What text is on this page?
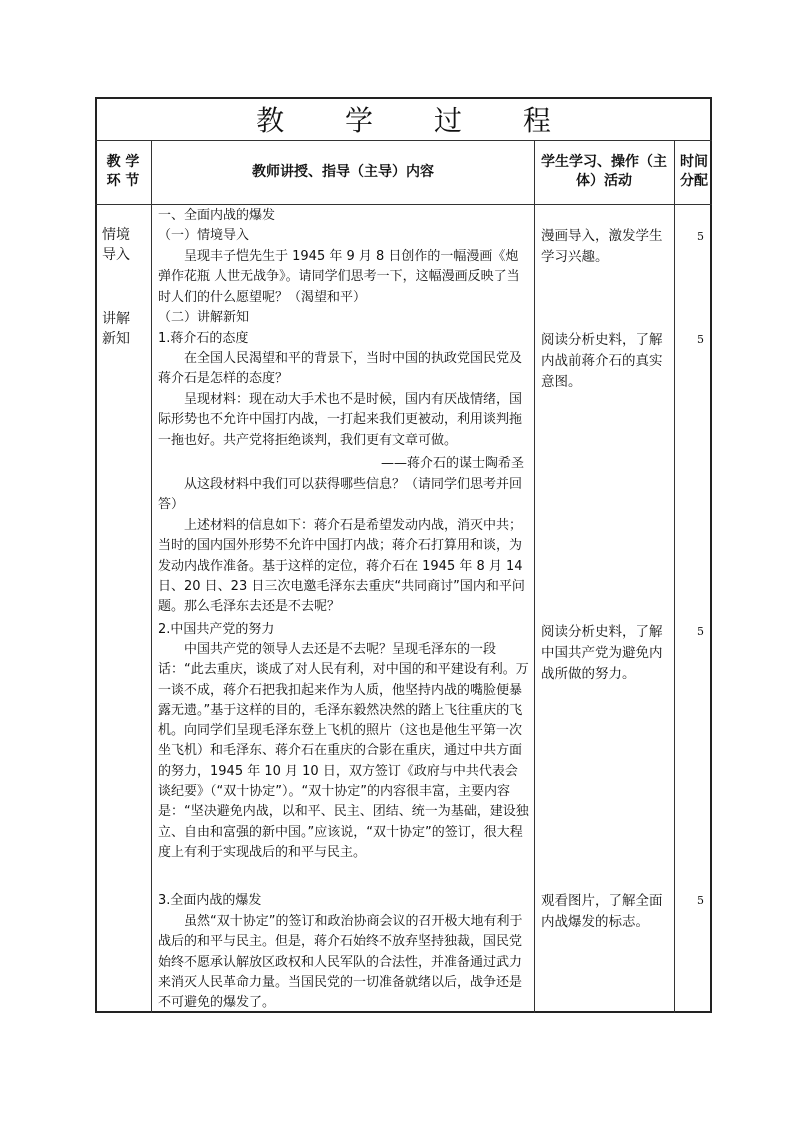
教 学 过 程
教 学 环 节
教师讲授、指导（主导）内容
学生学习、操作（主体）活动
时间分配
情境导入
讲解新知
一、全面内战的爆发
（一）情境导入
呈现丰子恺先生于 1945 年 9 月 8 日创作的一幅漫画《炮弹作花瓶 人世无战争》。请同学们思考一下，这幅漫画反映了当时人们的什么愿望呢？（渴望和平）
（二）讲解新知
1.蒋介石的态度
在全国人民渴望和平的背景下，当时中国的执政党国民党及蒋介石是怎样的态度？
呈现材料：现在动大手术也不是时候，国内有厌战情绪，国际形势也不允许中国打内战，一打起来我们更被动，利用谈判拖一拖也好。共产党将拒绝谈判，我们更有文章可做。
——蒋介石的谋士陶希圣
从这段材料中我们可以获得哪些信息？（请同学们思考并回答）
上述材料的信息如下：蒋介石是希望发动内战，消灭中共；当时的国内国外形势不允许中国打内战；蒋介石打算用和谈，为发动内战作准备。基于这样的定位，蒋介石在 1945 年 8 月 14 日、20 日、23 日三次电邀毛泽东去重庆“共同商讨”国内和平问题。那么毛泽东去还是不去呢？
2.中国共产党的努力
中国共产党的领导人去还是不去呢？呈现毛泽东的一段话：“此去重庆，谈成了对人民有利，对中国的和平建设有利。万一谈不成，蒋介石把我扣起来作为人质，他坚持内战的嘴脸便暴露无遗。”基于这样的目的，毛泽东毅然决然的踏上飞往重庆的飞机。向同学们呈现毛泽东登上飞机的照片（这也是他生平第一次坐飞机）和毛泽东、蒋介石在重庆的合影在重庆，通过中共方面的努力，1945 年 10 月 10 日，双方签订《政府与中共代表会谈纪要》（“双十协定”）。“双十协定”的内容很丰富，主要内容是：“坚决避免内战，以和平、民主、团结、统一为基础，建设独立、自由和富强的新中国。”应该说，“双十协定”的签订，很大程度上有利于实现战后的和平与民主。
3.全面内战的爆发
虽然“双十协定”的签订和政治协商会议的召开极大地有利于战后的和平与民主。但是，蒋介石始终不放弃坚持独裁，国民党始终不愿承认解放区政权和人民军队的合法性，并准备通过武力来消灭人民革命力量。当国民党的一切准备就绪以后，战争还是不可避免的爆发了。
漫画导入，激发学生学习兴趣。
阅读分析史料，了解内战前蒋介石的真实意图。
阅读分析史料，了解中国共产党为避免内战所做的努力。
观看图片，了解全面内战爆发的标志。
5
5
5
5
